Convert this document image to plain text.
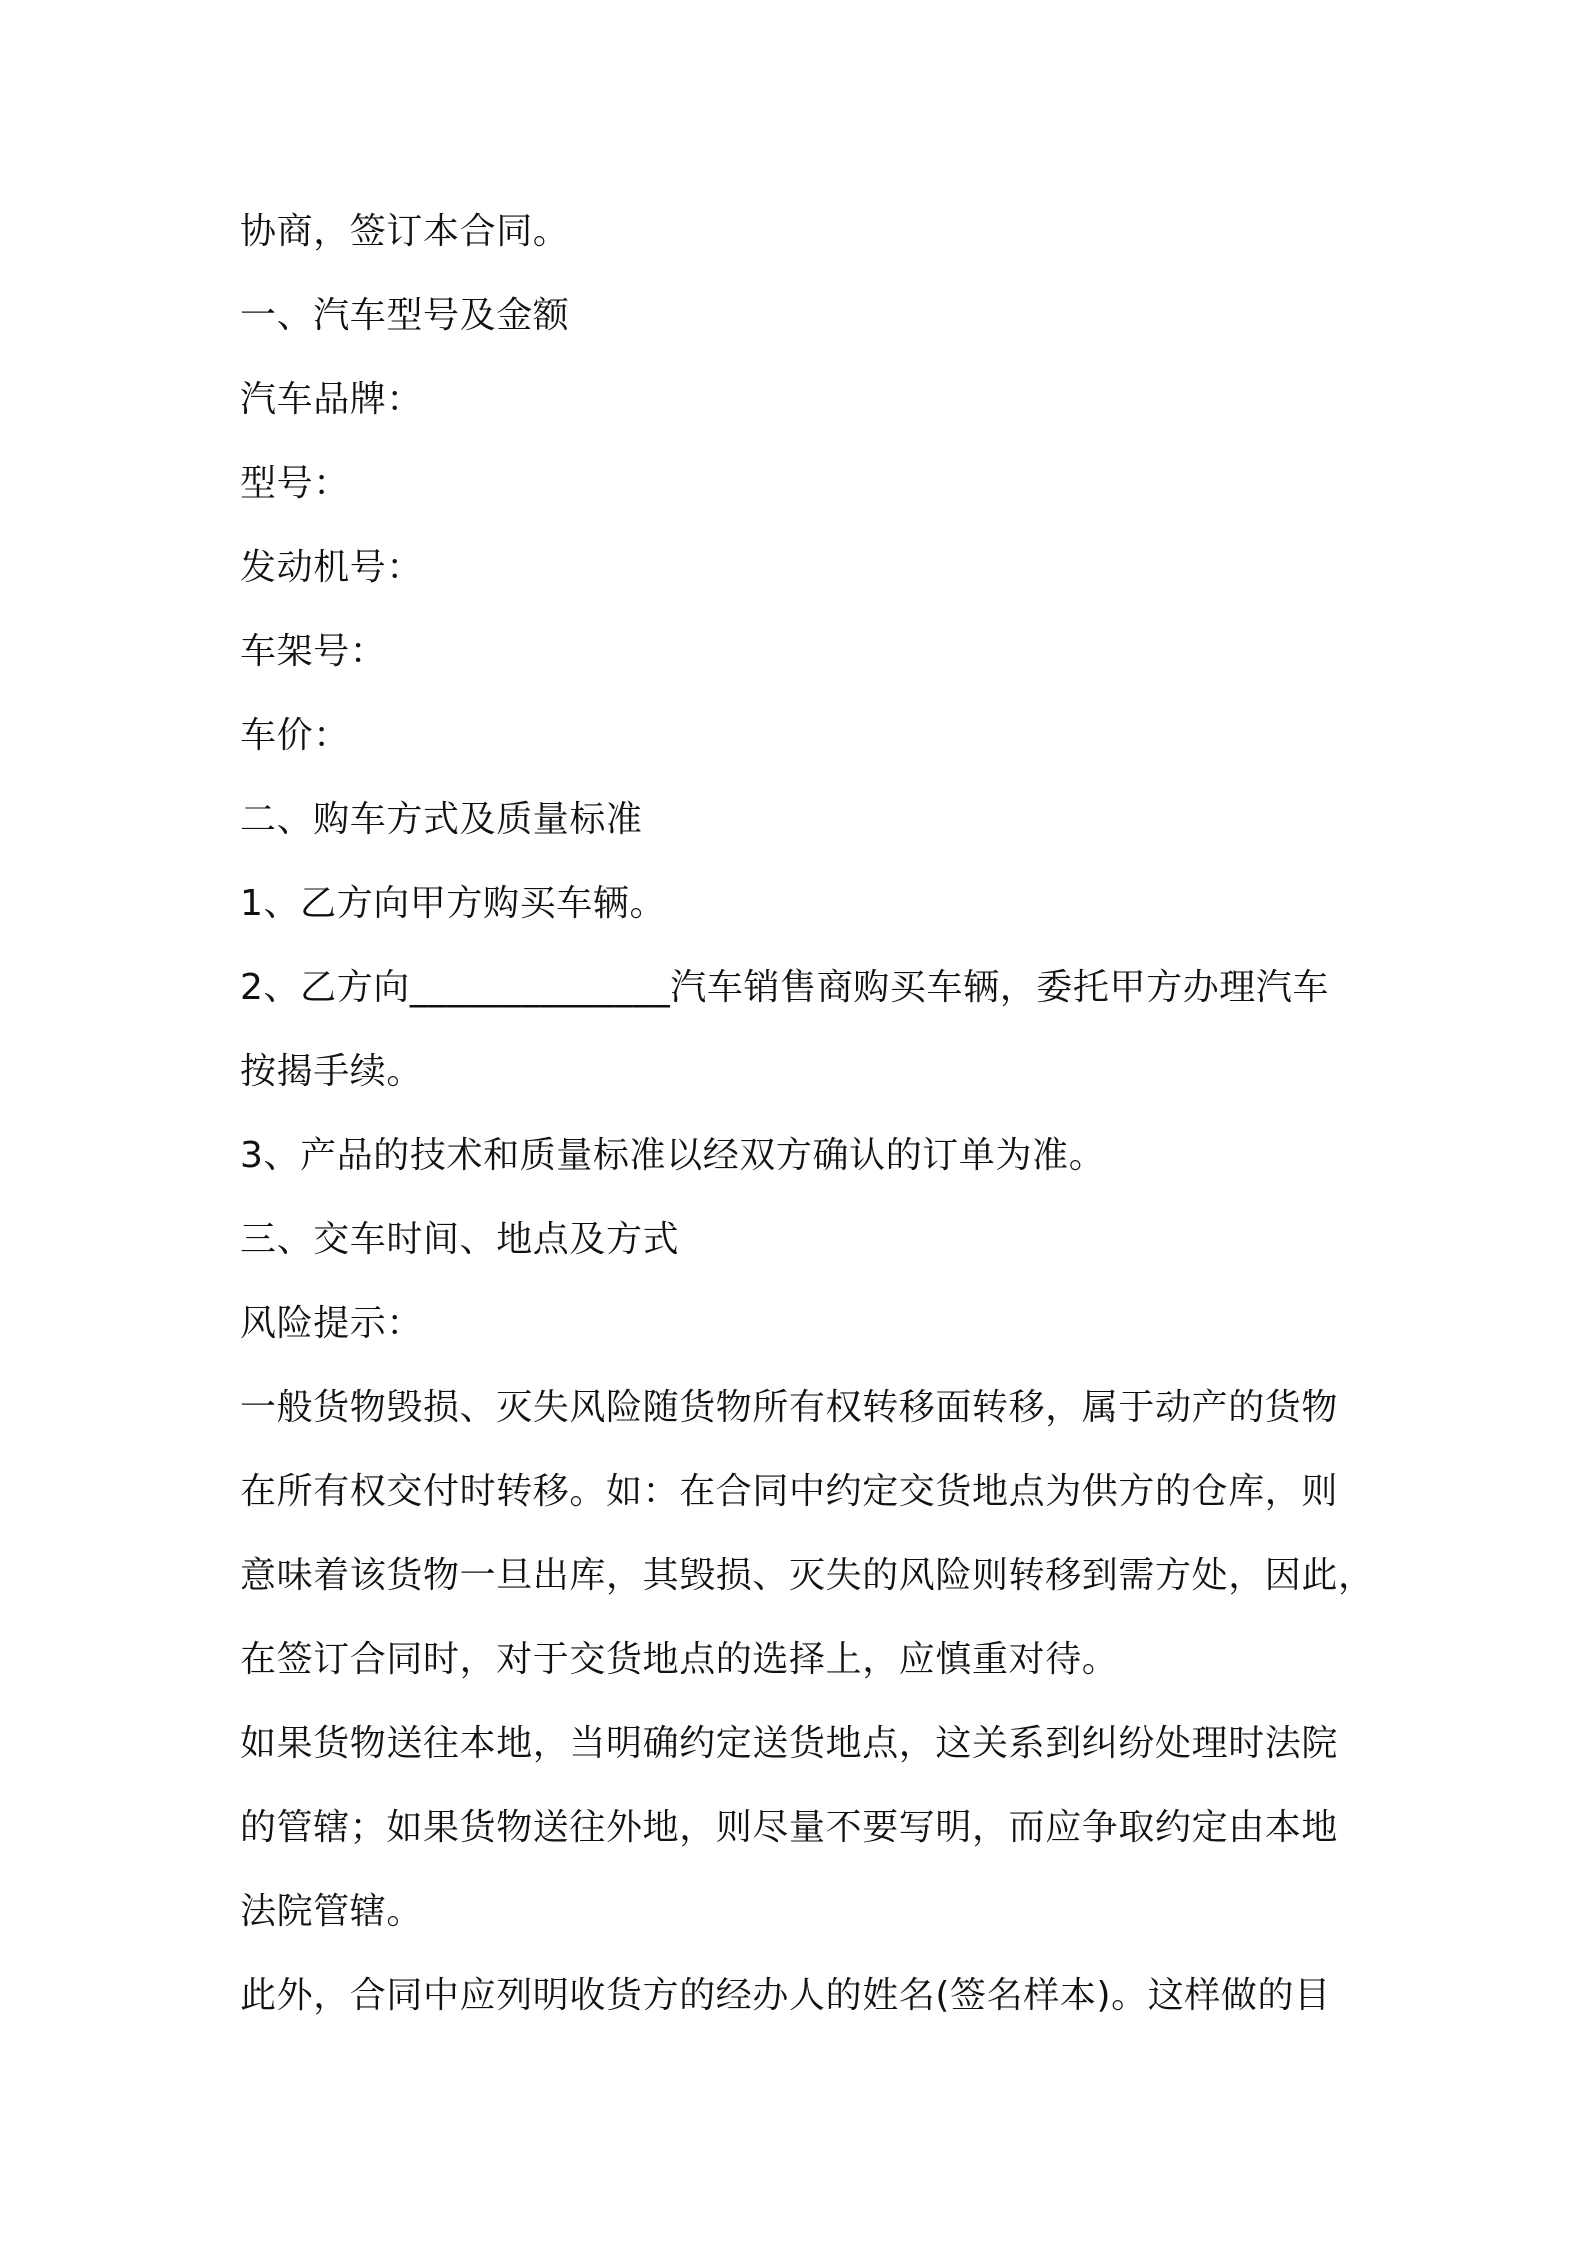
协商，签订本合同。
一、汽车型号及金额
汽车品牌：
型号：
发动机号：
车架号：
车价：
二、购车方式及质量标准
1、乙方向甲方购买车辆。
2、乙方向______________汽车销售商购买车辆，委托甲方办理汽车
按揭手续。
3、产品的技术和质量标准以经双方确认的订单为准。
三、交车时间、地点及方式
风险提示：
一般货物毁损、灭失风险随货物所有权转移面转移，属于动产的货物
在所有权交付时转移。如：在合同中约定交货地点为供方的仓库，则
意味着该货物一旦出库，其毁损、灭失的风险则转移到需方处，因此，
在签订合同时，对于交货地点的选择上，应慎重对待。
如果货物送往本地，当明确约定送货地点，这关系到纠纷处理时法院
的管辖；如果货物送往外地，则尽量不要写明，而应争取约定由本地
法院管辖。
此外，合同中应列明收货方的经办人的姓名(签名样本)。这样做的目
